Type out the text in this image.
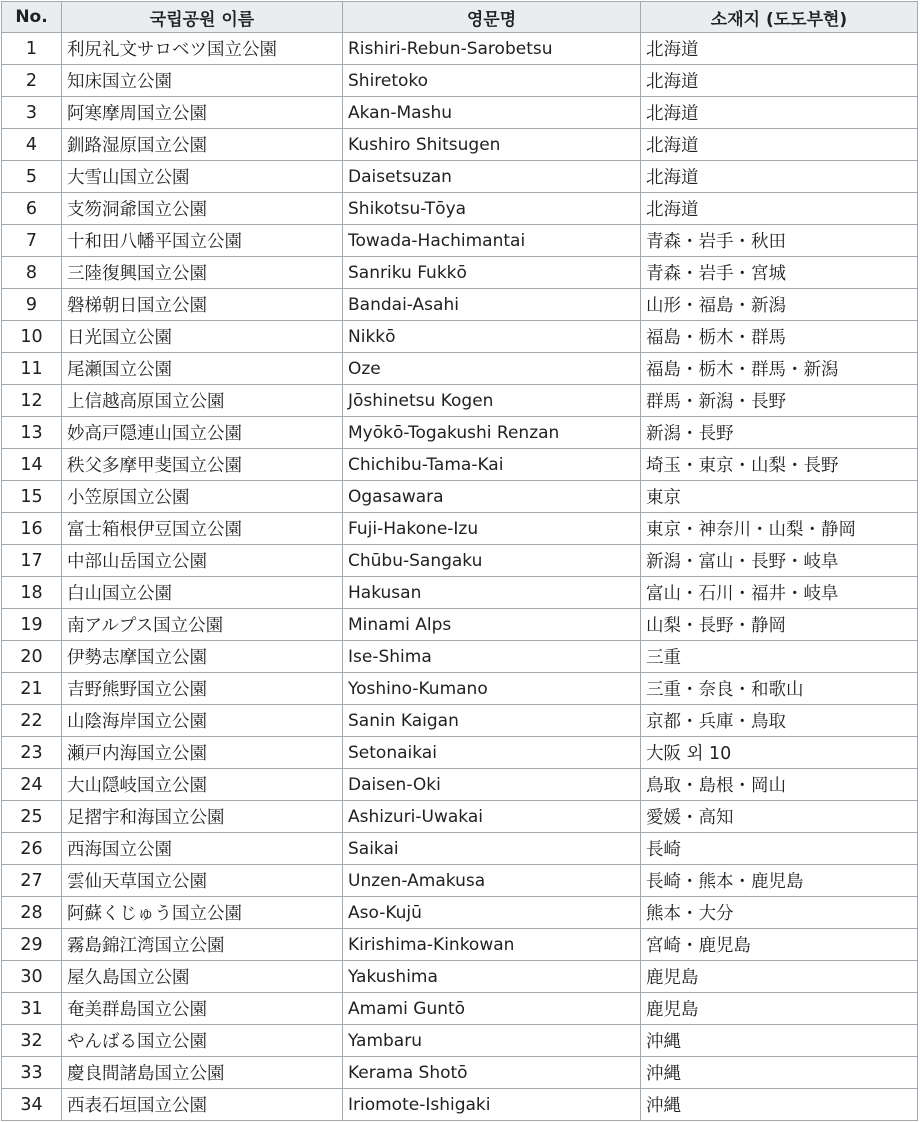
No.	국립공원 이름	영문명	소재지 (도도부현)
1	利尻礼文サロベツ国立公園	Rishiri-Rebun-Sarobetsu	北海道
2	知床国立公園	Shiretoko	北海道
3	阿寒摩周国立公園	Akan-Mashu	北海道
4	釧路湿原国立公園	Kushiro Shitsugen	北海道
5	大雪山国立公園	Daisetsuzan	北海道
6	支笏洞爺国立公園	Shikotsu-Tōya	北海道
7	十和田八幡平国立公園	Towada-Hachimantai	青森・岩手・秋田
8	三陸復興国立公園	Sanriku Fukkō	青森・岩手・宮城
9	磐梯朝日国立公園	Bandai-Asahi	山形・福島・新潟
10	日光国立公園	Nikkō	福島・栃木・群馬
11	尾瀬国立公園	Oze	福島・栃木・群馬・新潟
12	上信越高原国立公園	Jōshinetsu Kogen	群馬・新潟・長野
13	妙高戸隠連山国立公園	Myōkō-Togakushi Renzan	新潟・長野
14	秩父多摩甲斐国立公園	Chichibu-Tama-Kai	埼玉・東京・山梨・長野
15	小笠原国立公園	Ogasawara	東京
16	富士箱根伊豆国立公園	Fuji-Hakone-Izu	東京・神奈川・山梨・静岡
17	中部山岳国立公園	Chūbu-Sangaku	新潟・富山・長野・岐阜
18	白山国立公園	Hakusan	富山・石川・福井・岐阜
19	南アルプス国立公園	Minami Alps	山梨・長野・静岡
20	伊勢志摩国立公園	Ise-Shima	三重
21	吉野熊野国立公園	Yoshino-Kumano	三重・奈良・和歌山
22	山陰海岸国立公園	Sanin Kaigan	京都・兵庫・鳥取
23	瀬戸内海国立公園	Setonaikai	大阪 외 10
24	大山隠岐国立公園	Daisen-Oki	鳥取・島根・岡山
25	足摺宇和海国立公園	Ashizuri-Uwakai	愛媛・高知
26	西海国立公園	Saikai	長崎
27	雲仙天草国立公園	Unzen-Amakusa	長崎・熊本・鹿児島
28	阿蘇くじゅう国立公園	Aso-Kujū	熊本・大分
29	霧島錦江湾国立公園	Kirishima-Kinkowan	宮崎・鹿児島
30	屋久島国立公園	Yakushima	鹿児島
31	奄美群島国立公園	Amami Guntō	鹿児島
32	やんばる国立公園	Yambaru	沖縄
33	慶良間諸島国立公園	Kerama Shotō	沖縄
34	西表石垣国立公園	Iriomote-Ishigaki	沖縄
